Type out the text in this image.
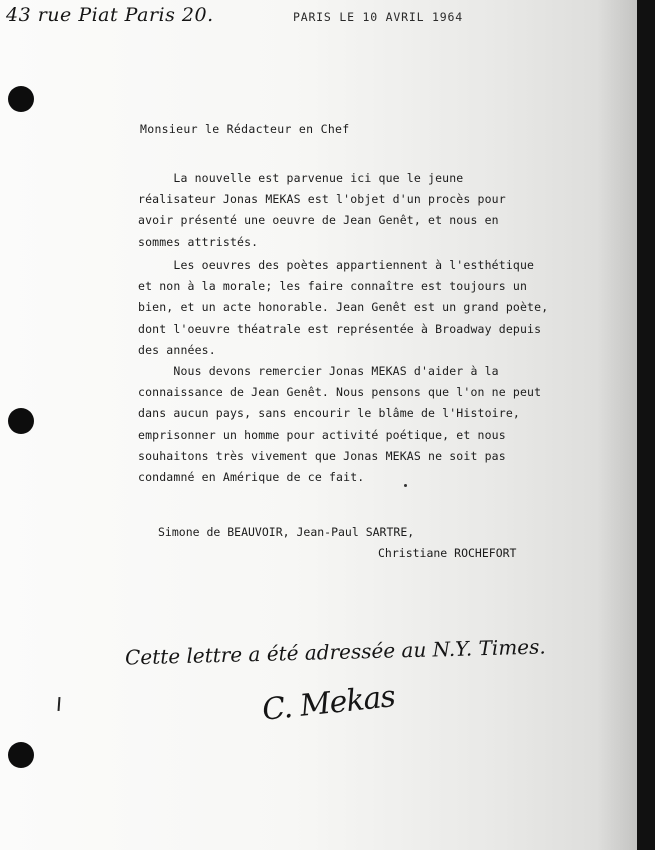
43 rue Piat Paris 20.	PARIS LE 10 AVRIL 1964
Monsieur le Rédacteur en Chef

La nouvelle est parvenue ici que le jeune
réalisateur Jonas MEKAS est l'objet d'un procès pour
avoir présenté une oeuvre de Jean Genêt, et nous en
sommes attristés.

Les oeuvres des poètes appartiennent à l'esthétique
et non à la morale; les faire connaître est toujours un
bien, et un acte honorable. Jean Genêt est un grand poète,
dont l'oeuvre théatrale est représentée à Broadway depuis
des années.

Nous devons remercier Jonas MEKAS d'aider à la
connaissance de Jean Genêt. Nous pensons que l'on ne peut
dans aucun pays, sans encourir le blâme de l'Histoire,
emprisonner un homme pour activité poétique, et nous
souhaitons très vivement que Jonas MEKAS ne soit pas
condamné en Amérique de ce fait.

Simone de BEAUVOIR, Jean-Paul SARTRE,
Christiane ROCHEFORT
Cette lettre a été adressée au N.Y. Times.
C. Mekas
